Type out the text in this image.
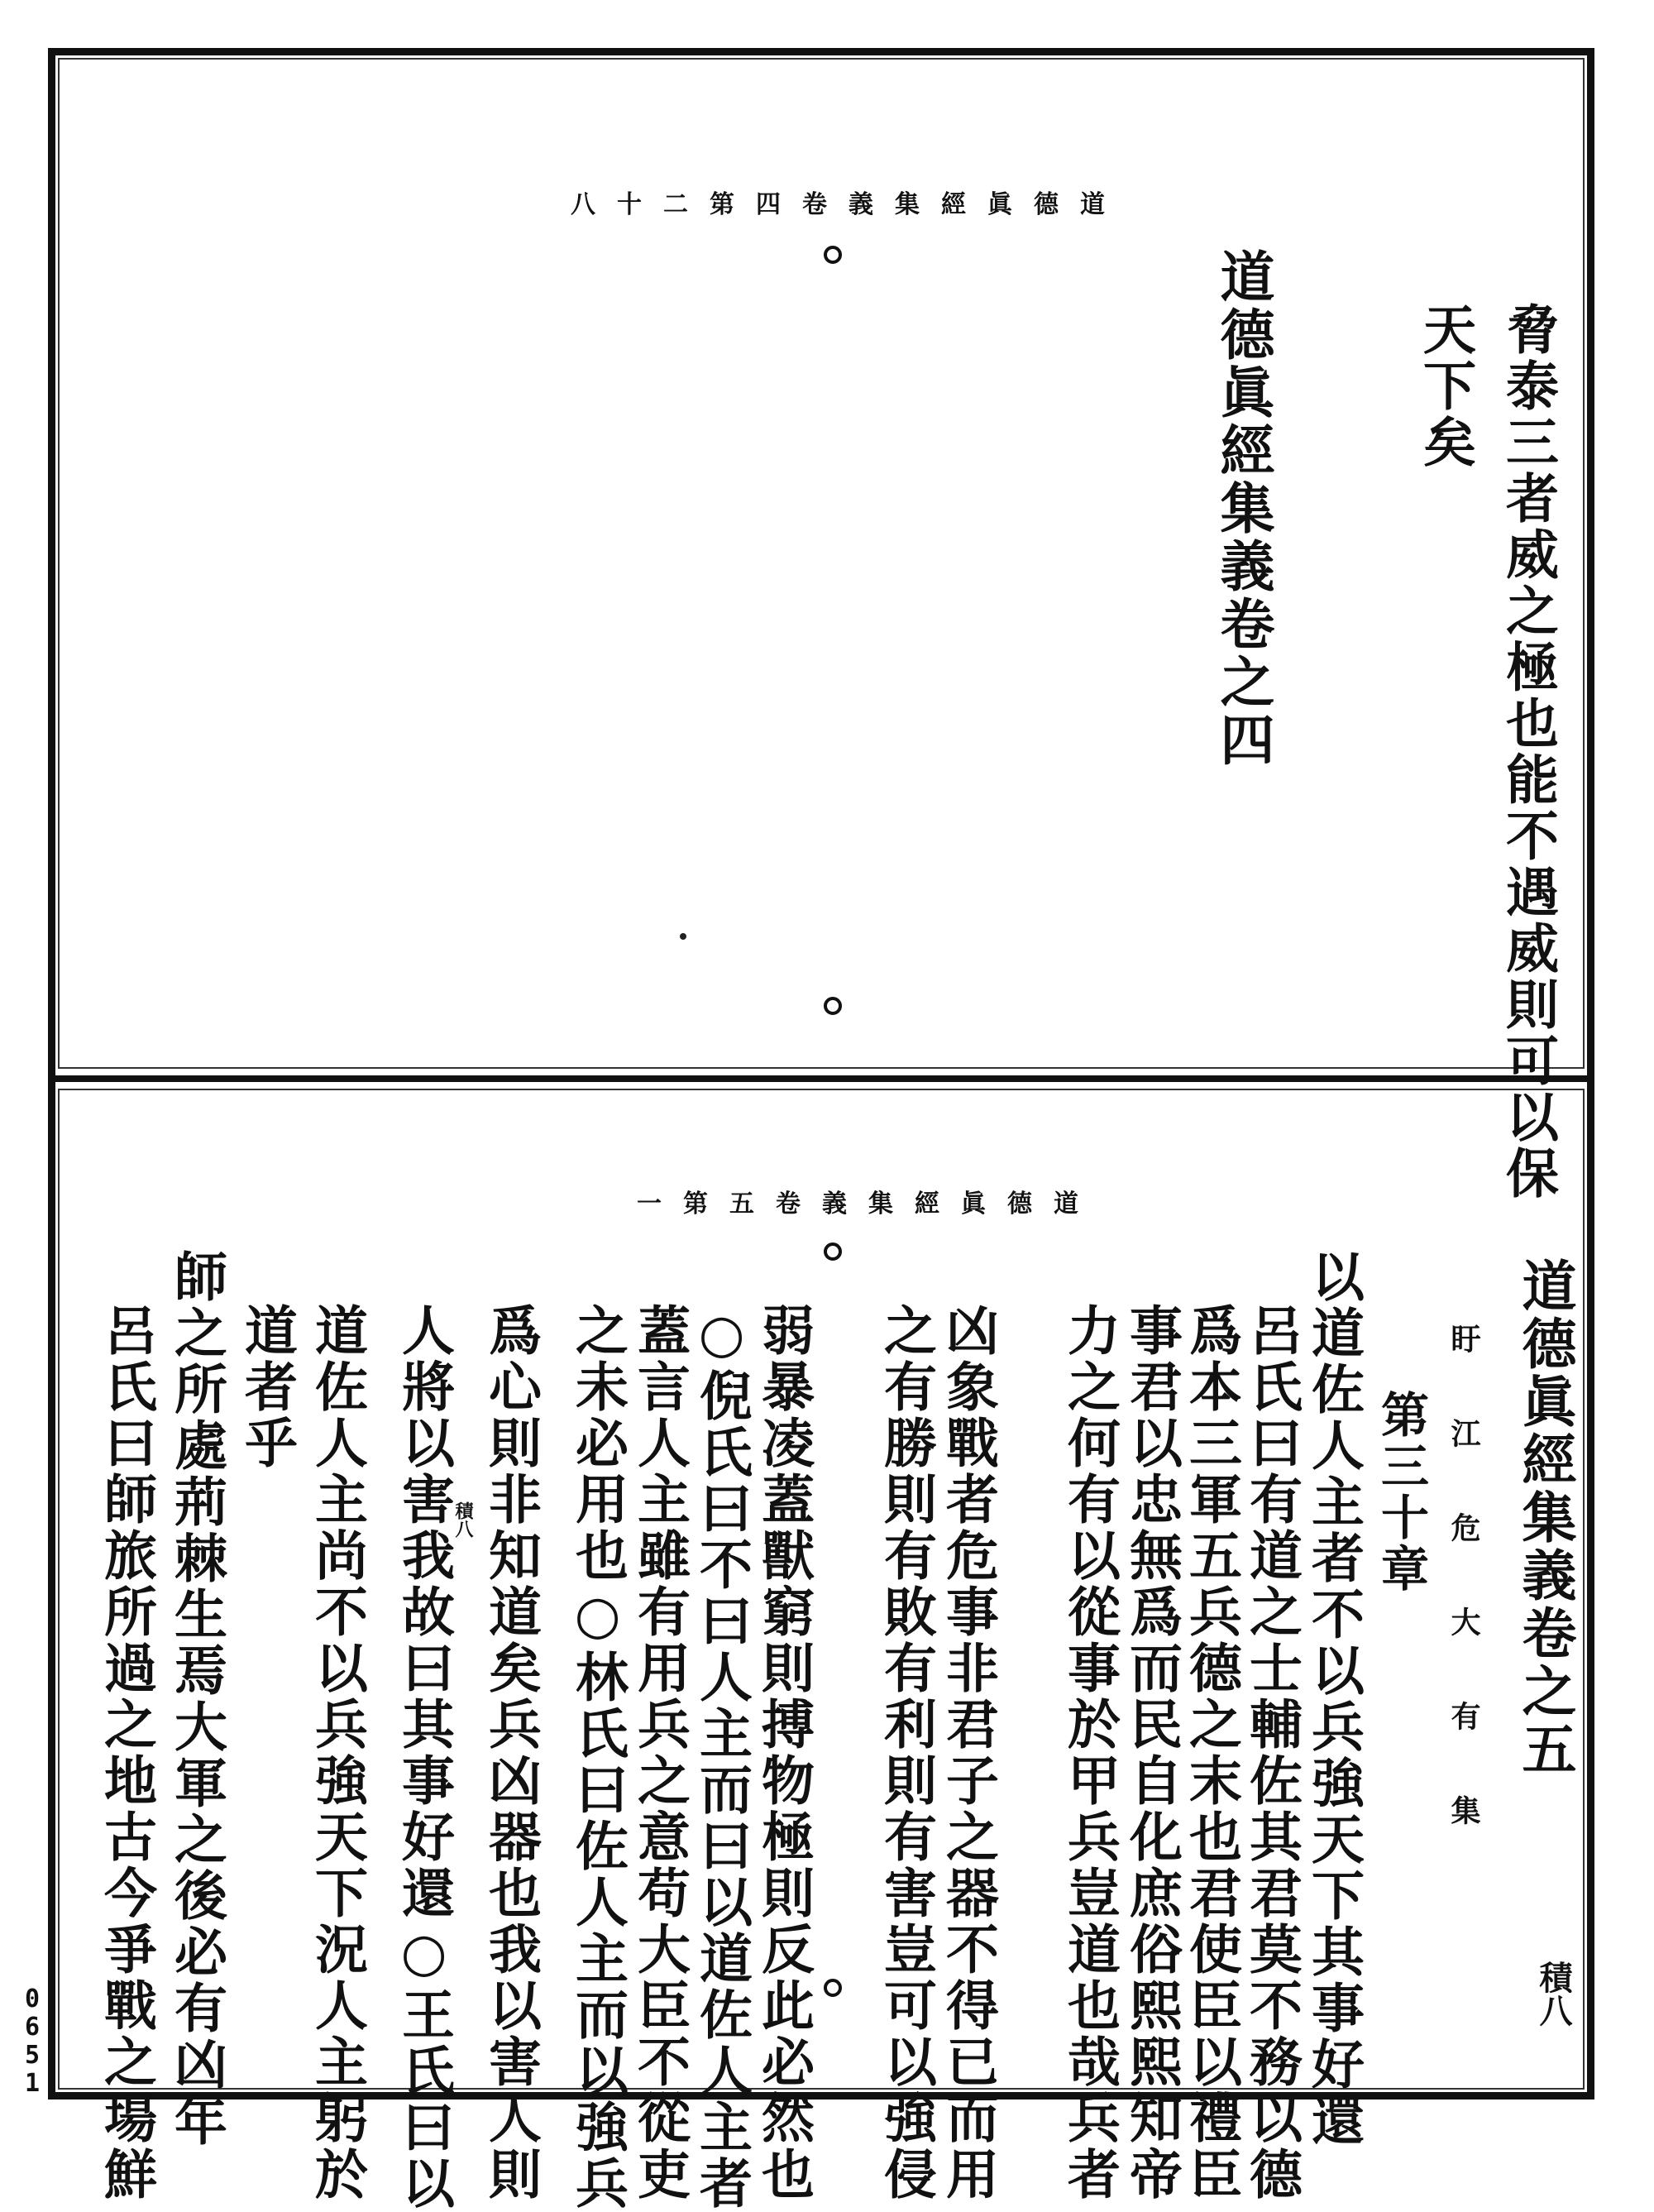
道德眞經集義卷四第二十八
脅泰三者威之極也能不遇威則可以保
天下矣
道德眞經集義卷之四
道德眞經集義卷五第一
道德眞經集義卷之五
積八
盱江危大有集
第三十章
以道佐人主者不以兵強天下其事好還
呂氏曰有道之士輔佐其君莫不務以德
爲本三軍五兵德之末也君使臣以禮臣
事君以忠無爲而民自化庶俗熙熙知帝
力之何有以從事於甲兵豈道也哉兵者
凶象戰者危事非君子之器不得已而用
之有勝則有敗有利則有害豈可以強侵
弱暴凌蓋獸窮則搏物極則反此必然也
○倪氏曰不曰人主而曰以道佐人主者
蓋言人主雖有用兵之意苟大臣不從吏
之未必用也○林氏曰佐人主而以強兵
爲心則非知道矣兵凶器也我以害人則
人將以害我故曰其事好還○王氏曰以
道佐人主尚不以兵強天下況人主躬於
道者乎
師之所處荊棘生焉大軍之後必有凶年
呂氏曰師旅所過之地古今爭戰之場鮮	積八
0
6
5
1
